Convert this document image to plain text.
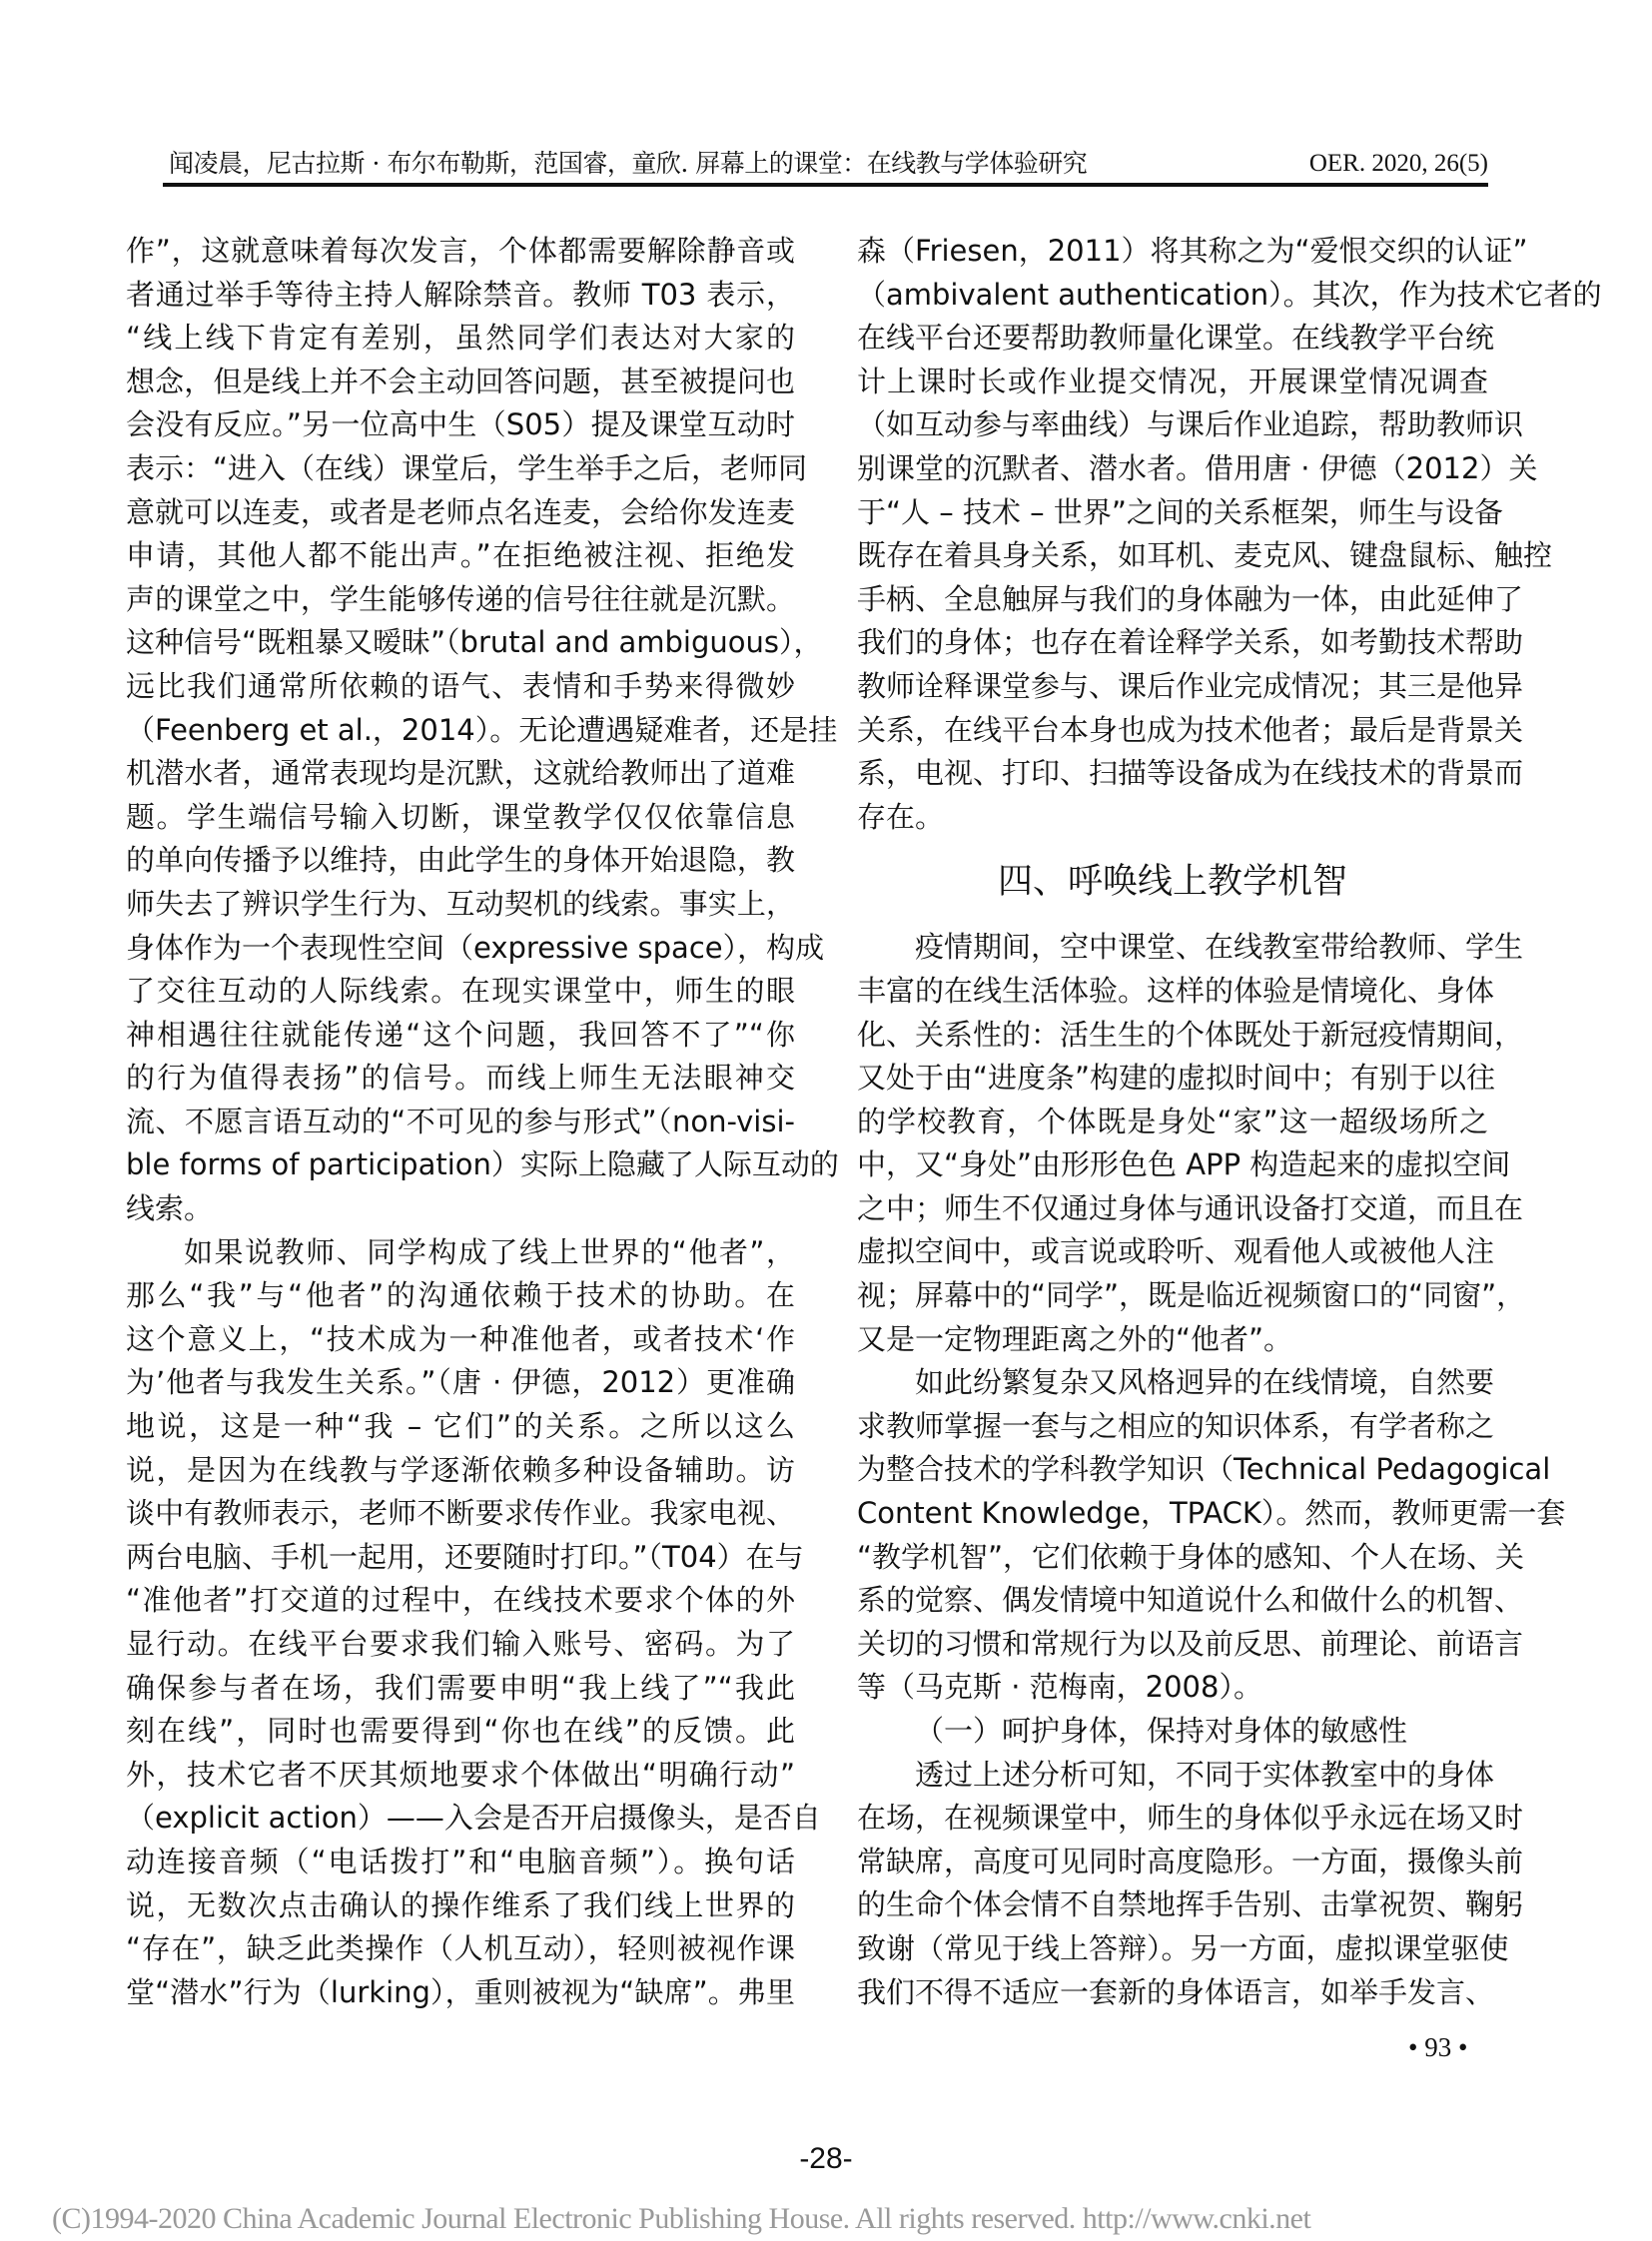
闻凌晨，尼古拉斯 · 布尔布勒斯，范国睿，童欣. 屏幕上的课堂：在线教与学体验研究	OER. 2020, 26(5)
作”，这就意味着每次发言，个体都需要解除静音或
者通过举手等待主持人解除禁音。教师 T03 表示，
“线上线下肯定有差别，虽然同学们表达对大家的
想念，但是线上并不会主动回答问题，甚至被提问也
会没有反应。”另一位高中生（S05）提及课堂互动时
表示：“进入（在线）课堂后，学生举手之后，老师同
意就可以连麦，或者是老师点名连麦，会给你发连麦
申请，其他人都不能出声。”在拒绝被注视、拒绝发
声的课堂之中，学生能够传递的信号往往就是沉默。
这种信号“既粗暴又暧昧”（brutal and ambiguous），
远比我们通常所依赖的语气、表情和手势来得微妙
（Feenberg et al.，2014）。无论遭遇疑难者，还是挂
机潜水者，通常表现均是沉默，这就给教师出了道难
题。学生端信号输入切断，课堂教学仅仅依靠信息
的单向传播予以维持，由此学生的身体开始退隐，教
师失去了辨识学生行为、互动契机的线索。事实上，
身体作为一个表现性空间（expressive space），构成
了交往互动的人际线索。在现实课堂中，师生的眼
神相遇往往就能传递“这个问题，我回答不了”“你
的行为值得表扬”的信号。而线上师生无法眼神交
流、不愿言语互动的“不可见的参与形式”（non-visi-
ble forms of participation）实际上隐藏了人际互动的
线索。
如果说教师、同学构成了线上世界的“他者”，
那么“我”与“他者”的沟通依赖于技术的协助。在
这个意义上，“技术成为一种准他者，或者技术‘作
为’他者与我发生关系。”（唐 · 伊德，2012）更准确
地说，这是一种“我 – 它们”的关系。之所以这么
说，是因为在线教与学逐渐依赖多种设备辅助。访
谈中有教师表示，老师不断要求传作业。我家电视、
两台电脑、手机一起用，还要随时打印。”（T04）在与
“准他者”打交道的过程中，在线技术要求个体的外
显行动。在线平台要求我们输入账号、密码。为了
确保参与者在场，我们需要申明“我上线了”“我此
刻在线”，同时也需要得到“你也在线”的反馈。此
外，技术它者不厌其烦地要求个体做出“明确行动”
（explicit action）——入会是否开启摄像头，是否自
动连接音频（“电话拨打”和“电脑音频”）。换句话
说，无数次点击确认的操作维系了我们线上世界的
“存在”，缺乏此类操作（人机互动），轻则被视作课
堂“潜水”行为（lurking），重则被视为“缺席”。弗里
森（Friesen，2011）将其称之为“爱恨交织的认证”
（ambivalent authentication）。其次，作为技术它者的
在线平台还要帮助教师量化课堂。在线教学平台统
计上课时长或作业提交情况，开展课堂情况调查
（如互动参与率曲线）与课后作业追踪，帮助教师识
别课堂的沉默者、潜水者。借用唐 · 伊德（2012）关
于“人 – 技术 – 世界”之间的关系框架，师生与设备
既存在着具身关系，如耳机、麦克风、键盘鼠标、触控
手柄、全息触屏与我们的身体融为一体，由此延伸了
我们的身体；也存在着诠释学关系，如考勤技术帮助
教师诠释课堂参与、课后作业完成情况；其三是他异
关系，在线平台本身也成为技术他者；最后是背景关
系，电视、打印、扫描等设备成为在线技术的背景而
存在。
四、呼唤线上教学机智
疫情期间，空中课堂、在线教室带给教师、学生
丰富的在线生活体验。这样的体验是情境化、身体
化、关系性的：活生生的个体既处于新冠疫情期间，
又处于由“进度条”构建的虚拟时间中；有别于以往
的学校教育，个体既是身处“家”这一超级场所之
中，又“身处”由形形色色 APP 构造起来的虚拟空间
之中；师生不仅通过身体与通讯设备打交道，而且在
虚拟空间中，或言说或聆听、观看他人或被他人注
视；屏幕中的“同学”，既是临近视频窗口的“同窗”，
又是一定物理距离之外的“他者”。
如此纷繁复杂又风格迥异的在线情境，自然要
求教师掌握一套与之相应的知识体系，有学者称之
为整合技术的学科教学知识（Technical Pedagogical
Content Knowledge，TPACK）。然而，教师更需一套
“教学机智”，它们依赖于身体的感知、个人在场、关
系的觉察、偶发情境中知道说什么和做什么的机智、
关切的习惯和常规行为以及前反思、前理论、前语言
等（马克斯 · 范梅南，2008）。
（一）呵护身体，保持对身体的敏感性
透过上述分析可知，不同于实体教室中的身体
在场，在视频课堂中，师生的身体似乎永远在场又时
常缺席，高度可见同时高度隐形。一方面，摄像头前
的生命个体会情不自禁地挥手告别、击掌祝贺、鞠躬
致谢（常见于线上答辩）。另一方面，虚拟课堂驱使
我们不得不适应一套新的身体语言，如举手发言、
• 93 •
-28-
(C)1994-2020 China Academic Journal Electronic Publishing House. All rights reserved. http://www.cnki.net
